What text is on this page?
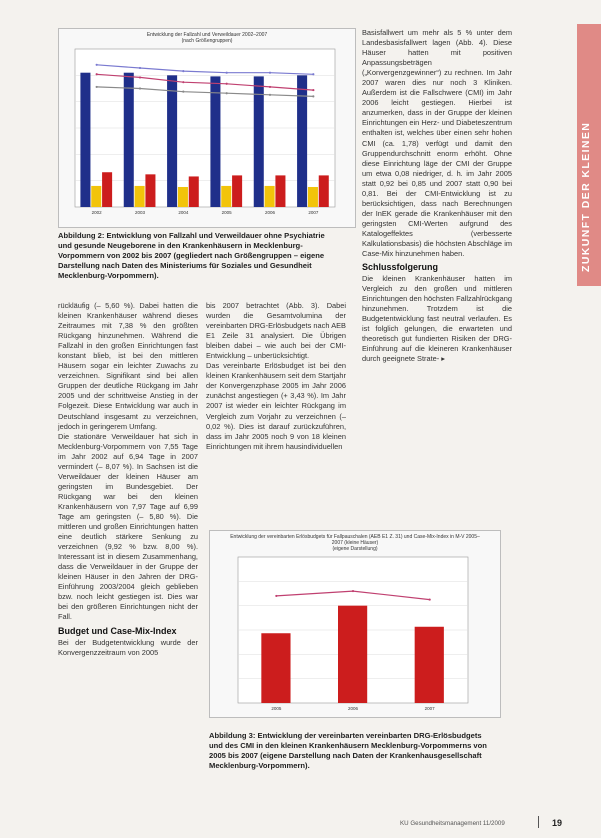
Entwicklung der Fallzahl und Verweildauer 2002–2007
(nach Größengruppen)
2002	2003	2004	2005	2006	2007
Abbildung 2: Entwicklung von Fallzahl und Verweildauer ohne Psychiatrie
und gesunde Neugeborene in den Krankenhäusern in Mecklenburg-
Vorpommern von 2002 bis 2007 (gegliedert nach Größengruppen – eigene
Darstellung nach Daten des Ministeriums für Soziales und Gesundheit
Mecklenburg-Vorpommern).

rückläufig (– 5,60 %). Dabei hatten die kleinen Krankenhäuser während dieses Zeitraumes mit 7,38 % den größten Rückgang hinzunehmen. Während die Fallzahl in den großen Einrichtungen fast konstant blieb, ist bei den mittleren Häusern sogar ein leichter Zuwachs zu verzeichnen. Signifikant sind bei allen Gruppen der deutliche Rückgang im Jahr 2005 und der schrittweise Anstieg in der Folgezeit. Diese Entwicklung war auch in Deutschland insgesamt zu verzeichnen, jedoch in geringerem Umfang.

Die stationäre Verweildauer hat sich in Mecklenburg-Vorpommern von 7,55 Tage im Jahr 2002 auf 6,94 Tage in 2007 vermindert (– 8,07 %). In Sachsen ist die Verweildauer der kleinen Häuser am geringsten im Bundesgebiet. Der Rückgang war bei den kleinen Krankenhäusern von 7,97 Tage auf 6,99 Tage am geringsten (– 5,80 %). Die mittleren und großen Einrichtungen hatten eine deutlich stärkere Senkung zu verzeichnen (9,92 % bzw. 8,00 %). Interessant ist in diesem Zusammenhang, dass die Verweildauer in der Gruppe der kleinen Häuser in den Jahren der DRG-Einführung 2003/2004 gleich geblieben bzw. noch leicht gestiegen ist. Dies war bei den größeren Einrichtungen nicht der Fall.

Budget und Case-Mix-Index

Bei der Budgetentwicklung wurde der Konvergenzzeitraum von 2005

bis 2007 betrachtet (Abb. 3). Dabei wurden die Gesamtvolumina der vereinbarten DRG-Erlösbudgets nach AEB E1 Zeile 31 analysiert. Die Übrigen bleiben dabei – wie auch bei der CMI-Entwicklung – unberücksichtigt.

Das vereinbarte Erlösbudget ist bei den kleinen Krankenhäusern seit dem Startjahr der Konvergenzphase 2005 im Jahr 2006 zunächst angestiegen (+ 3,43 %). Im Jahr 2007 ist wieder ein leichter Rückgang im Vergleich zum Vorjahr zu verzeichnen (– 0,02 %). Dies ist darauf zurückzuführen, dass im Jahr 2005 noch 9 von 18 kleinen Einrichtungen mit ihrem hausindividuellen

Basisfallwert um mehr als 5 % unter dem Landesbasisfallwert lagen (Abb. 4). Diese Häuser hatten mit positiven Anpassungsbeträgen („Konvergenzgewinner“) zu rechnen. Im Jahr 2007 waren dies nur noch 3 Kliniken. Außerdem ist die Fallschwere (CMI) im Jahr 2006 leicht gestiegen. Hierbei ist anzumerken, dass in der Gruppe der kleinen Einrichtungen ein Herz- und Diabeteszentrum enthalten ist, welches über einen sehr hohen CMI (ca. 1,78) verfügt und damit den Gruppendurchschnitt enorm erhöht. Ohne diese Einrichtung läge der CMI der Gruppe um etwa 0,08 niedriger, d. h. im Jahr 2005 statt 0,92 bei 0,85 und 2007 statt 0,90 bei 0,81. Bei der CMI-Entwicklung ist zu berücksichtigen, dass nach Berechnungen der InEK gerade die Krankenhäuser mit den geringsten CMI-Werten aufgrund des Katalogeffektes (verbesserte Kalkulationsbasis) die höchsten Abschläge im Case-Mix hinzunehmen haben.

Schlussfolgerung

Die kleinen Krankenhäuser hatten im Vergleich zu den großen und mittleren Einrichtungen den höchsten Fallzahlrückgang hinzunehmen. Trotzdem ist die Budgetentwicklung fast neutral verlaufen. Es ist folglich gelungen, die erwarteten und theoretisch gut fundierten Risiken der DRG-Einführung auf die kleineren Krankenhäuser durch geeignete Strate- ▸

Entwicklung der vereinbarten Erlösbudgets für Fallpauschalen (AEB E1 Z. 31) und Case-Mix-Index in M-V 2005–2007 (kleine Häuser)
(eigene Darstellung)
2005	2006	2007
Abbildung 3: Entwicklung der vereinbarten vereinbarten DRG-Erlösbudgets
und des CMI in den kleinen Krankenhäusern Mecklenburg-Vorpommerns von
2005 bis 2007 (eigene Darstellung nach Daten der Krankenhausgesellschaft
Mecklenburg-Vorpommern).
ZUKUNFT DER KLEINEN
KU Gesundheitsmanagement 11/2009	19
